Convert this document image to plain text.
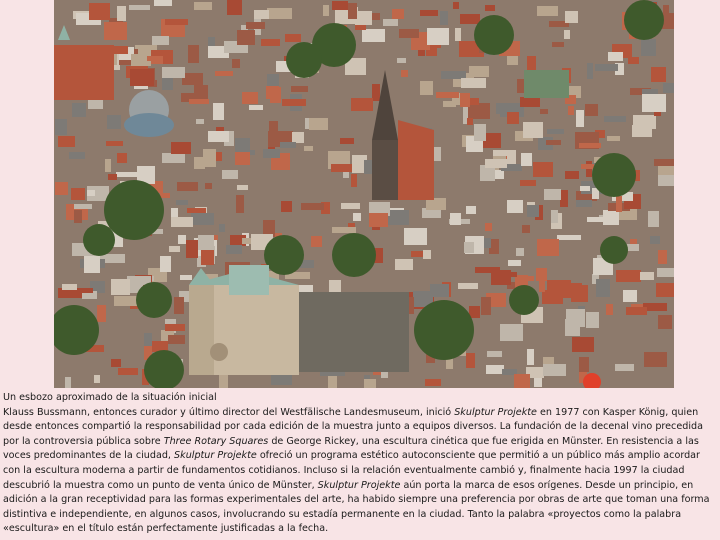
Un esbozo aproximado de la situación inicial

Klauss Bussmann, entonces curador y último director del Westfälische Landesmuseum, inició Skulptur Projekte en 1977 con Kasper König, quien desde entonces compartió la responsabilidad por cada edición de la muestra junto a equipos diversos. La fundación de la decenal vino precedida por la controversia pública sobre Three Rotary Squares de George Rickey, una escultura cinética que fue erigida en Münster. En resistencia a las voces predominantes de la ciudad, Skulptur Projekte ofreció un programa estético autoconsciente que permitió a un público más amplio acordar con la escultura moderna a partir de fundamentos cotidianos. Incluso si la relación eventualmente cambió y, finalmente hacia 1997 la ciudad descubrió la muestra como un punto de venta único de Münster, Skulptur Projekte aún porta la marca de esos orígenes. Desde un principio, en adición a la gran receptividad para las formas experimentales del arte, ha habido siempre una preferencia por obras de arte que toman una forma distintiva e independiente, en algunos casos, involucrando su estadía permanente en la ciudad. Tanto la palabra «proyectos como la palabra «escultura» en el título están perfectamente justificadas a la fecha.
